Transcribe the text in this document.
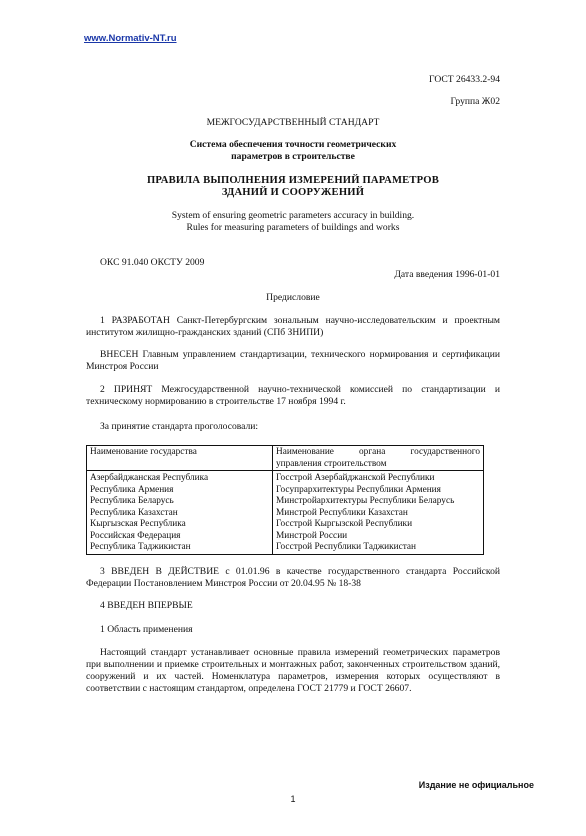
www.Normativ-NT.ru
ГОСТ 26433.2-94
Группа Ж02
МЕЖГОСУДАРСТВЕННЫЙ СТАНДАРТ
Система обеспечения точности геометрических
параметров в строительстве
ПРАВИЛА ВЫПОЛНЕНИЯ ИЗМЕРЕНИЙ ПАРАМЕТРОВ
ЗДАНИЙ И СООРУЖЕНИЙ
System of ensuring geometric parameters accuracy in building.
Rules for measuring parameters of buildings and works
ОКС 91.040 ОКСТУ 2009
Дата введения 1996-01-01
Предисловие
1 РАЗРАБОТАН Санкт-Петербургским зональным научно-исследовательским и проектным институтом жилищно-гражданских зданий (СПб ЗНИПИ)
ВНЕСЕН Главным управлением стандартизации, технического нормирования и сертификации Минстроя России
2 ПРИНЯТ Межгосударственной научно-технической комиссией по стандартизации и техническому нормированию в строительстве 17 ноября 1994 г.
За принятие стандарта проголосовали:
Наименование государства	Наименование органа государственного управления строительством
Азербайджанская Республика	Госстрой Азербайджанской Республики
Республика Армения	Госупрархитектуры Республики Армения
Республика Беларусь	Минстройархитектуры Республики Беларусь
Республика Казахстан	Минстрой Республики Казахстан
Кыргызская Республика	Госстрой Кыргызской Республики
Российская Федерация	Минстрой России
Республика Таджикистан	Госстрой Республики Таджикистан
3 ВВЕДЕН В ДЕЙСТВИЕ с 01.01.96 в качестве государственного стандарта Российской Федерации Постановлением Минстроя России от 20.04.95 № 18-38
4 ВВЕДЕН ВПЕРВЫЕ
1 Область применения
Настоящий стандарт устанавливает основные правила измерений геометрических параметров при выполнении и приемке строительных и монтажных работ, законченных строительством зданий, сооружений и их частей. Номенклатура параметров, измерения которых осуществляют в соответствии с настоящим стандартом, определена ГОСТ 21779 и ГОСТ 26607.
Издание не официальное
1
